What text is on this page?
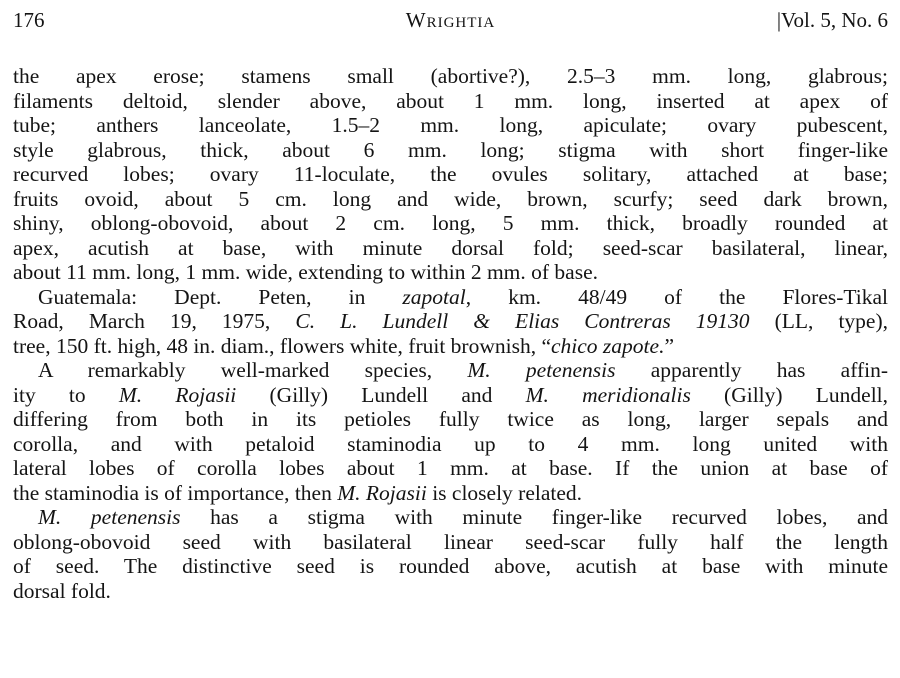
176	Wrightia	|Vol. 5, No. 6
the apex erose; stamens small (abortive?), 2.5–3 mm. long, glabrous;
filaments deltoid, slender above, about 1 mm. long, inserted at apex of
tube; anthers lanceolate, 1.5–2 mm. long, apiculate; ovary pubescent,
style glabrous, thick, about 6 mm. long; stigma with short finger-like
recurved lobes; ovary 11-loculate, the ovules solitary, attached at base;
fruits ovoid, about 5 cm. long and wide, brown, scurfy; seed dark brown,
shiny, oblong-obovoid, about 2 cm. long, 5 mm. thick, broadly rounded at
apex, acutish at base, with minute dorsal fold; seed-scar basilateral, linear,
about 11 mm. long, 1 mm. wide, extending to within 2 mm. of base.
Guatemala: Dept. Peten, in zapotal, km. 48/49 of the Flores-Tikal
Road, March 19, 1975, C. L. Lundell & Elias Contreras 19130 (LL, type),
tree, 150 ft. high, 48 in. diam., flowers white, fruit brownish, “chico zapote.”
A remarkably well-marked species, M. petenensis apparently has affin-
ity to M. Rojasii (Gilly) Lundell and M. meridionalis (Gilly) Lundell,
differing from both in its petioles fully twice as long, larger sepals and
corolla, and with petaloid staminodia up to 4 mm. long united with
lateral lobes of corolla lobes about 1 mm. at base. If the union at base of
the staminodia is of importance, then M. Rojasii is closely related.
M. petenensis has a stigma with minute finger-like recurved lobes, and
oblong-obovoid seed with basilateral linear seed-scar fully half the length
of seed. The distinctive seed is rounded above, acutish at base with minute
dorsal fold.
